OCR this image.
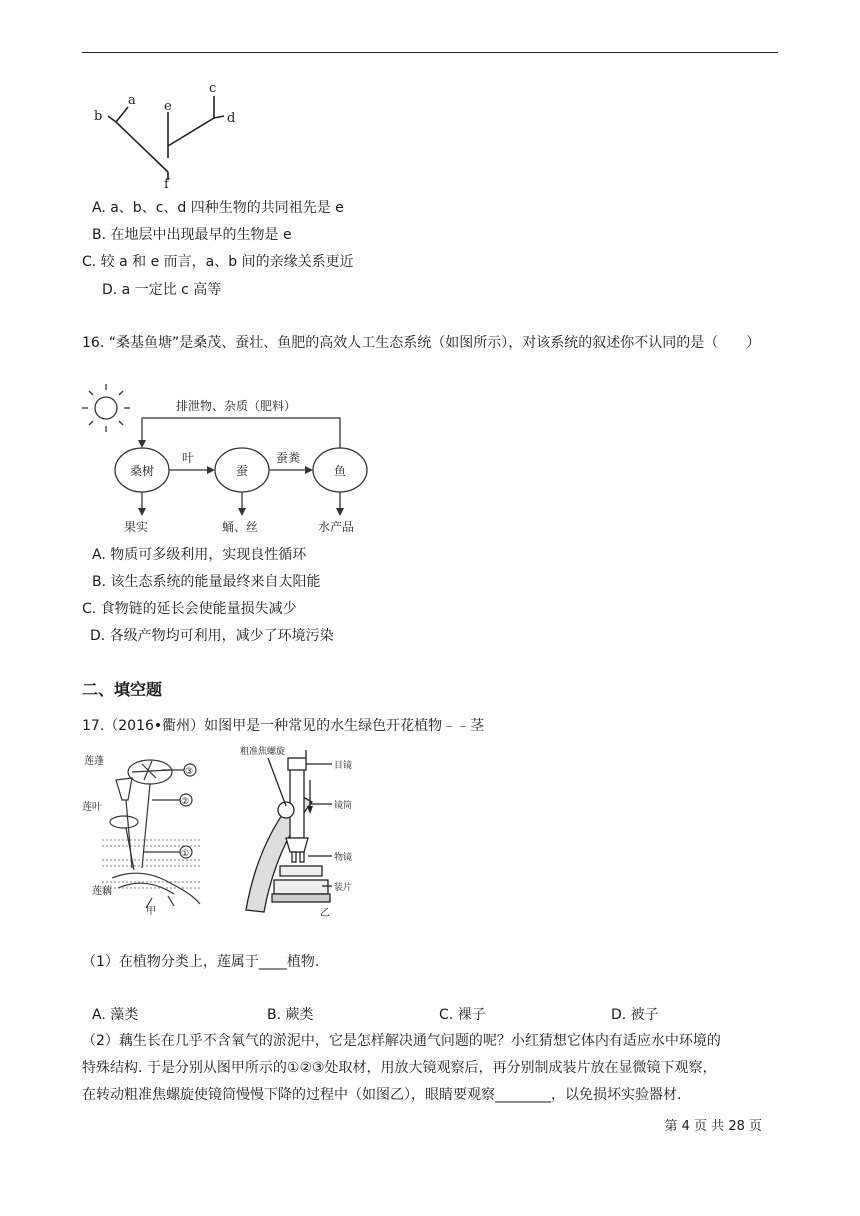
b
a e
c
d
f
A. a、b、c、d 四种生物的共同祖先是 e
B. 在地层中出现最早的生物是 e
C. 较 a 和 e 而言，a、b 间的亲缘关系更近
D. a 一定比 c 高等
16. “桑基鱼塘”是桑茂、蚕壮、鱼肥的高效人工生态系统（如图所示），对该系统的叙述你不认同的是（　　）
排泄物、杂质（肥料）
桑树	蚕	鱼
叶	蚕粪
果实	蛹、丝	水产品
A. 物质可多级利用，实现良性循环
B. 该生态系统的能量最终来自太阳能
C. 食物链的延长会使能量损失减少
D. 各级产物均可利用，减少了环境污染
二、填空题
17.（2016•衢州）如图甲是一种常见的水生绿色开花植物﹣﹣茎
莲蓬
莲叶
莲藕
③
②
①
甲
粗准焦螺旋
目镜
镜筒
物镜
装片
乙
（1）在植物分类上，莲属于____植物.
A. 藻类	B. 蕨类	C. 裸子	D. 被子
（2）藕生长在几乎不含氧气的淤泥中，它是怎样解决通气问题的呢？小红猜想它体内有适应水中环境的
特殊结构. 于是分别从图甲所示的①②③处取材，用放大镜观察后，再分别制成装片放在显微镜下观察，
在转动粗准焦螺旋使镜筒慢慢下降的过程中（如图乙），眼睛要观察________，以免损坏实验器材.
第 4 页 共 28 页
